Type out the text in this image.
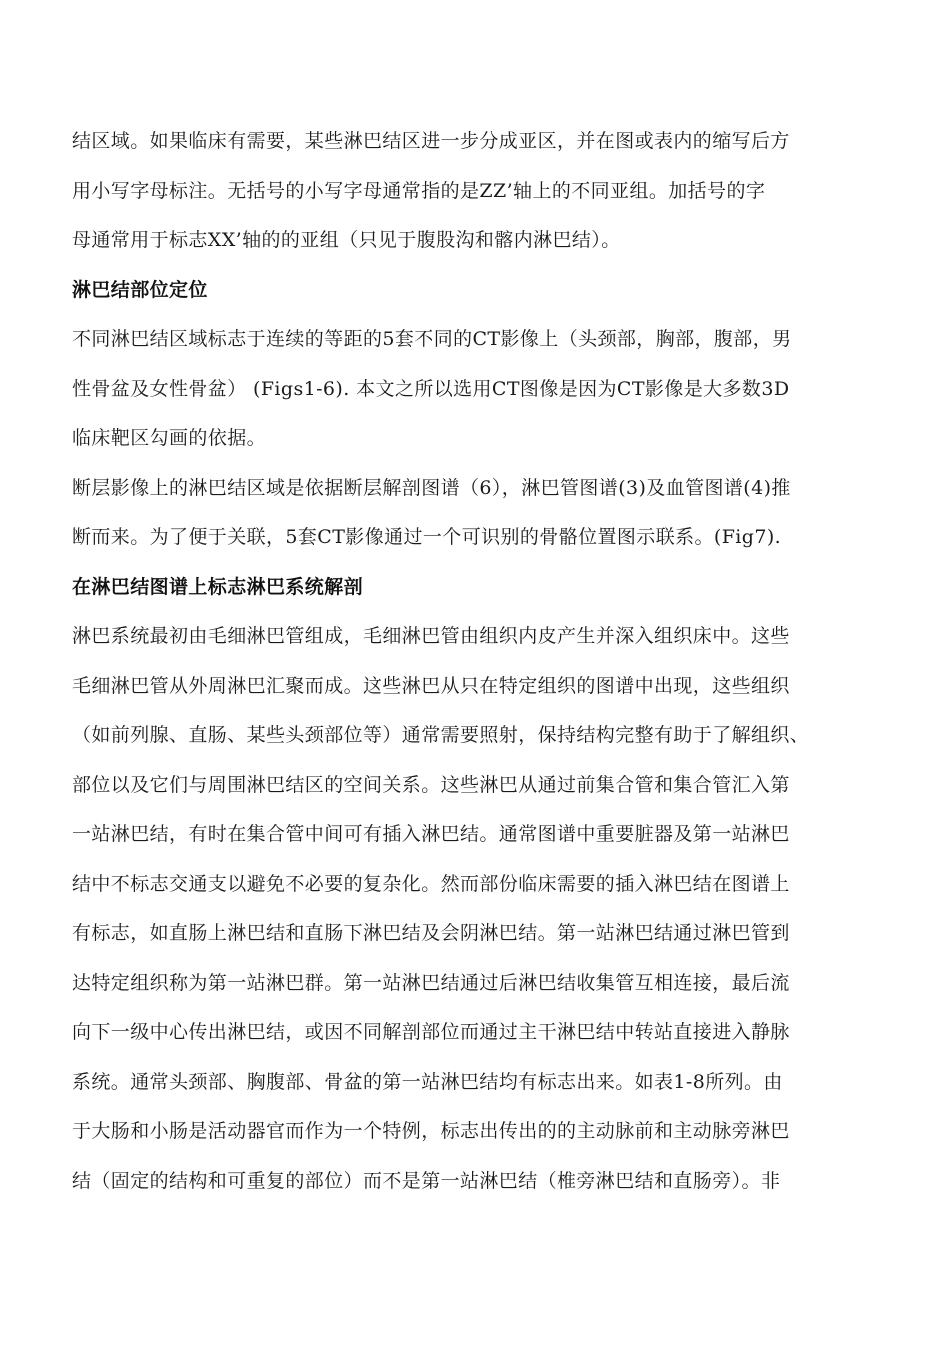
结区域。如果临床有需要，某些淋巴结区进一步分成亚区，并在图或表内的缩写后方
用小写字母标注。无括号的小写字母通常指的是ZZ’轴上的不同亚组。加括号的字
母通常用于标志XX’轴的的亚组（只见于腹股沟和髂内淋巴结）。
淋巴结部位定位
不同淋巴结区域标志于连续的等距的5套不同的CT影像上（头颈部，胸部，腹部，男
性骨盆及女性骨盆） (Figs1-6). 本文之所以选用CT图像是因为CT影像是大多数3D
临床靶区勾画的依据。
断层影像上的淋巴结区域是依据断层解剖图谱（6），淋巴管图谱(3)及血管图谱(4)推
断而来。为了便于关联，5套CT影像通过一个可识别的骨骼位置图示联系。(Fig7).
在淋巴结图谱上标志淋巴系统解剖
淋巴系统最初由毛细淋巴管组成，毛细淋巴管由组织内皮产生并深入组织床中。这些
毛细淋巴管从外周淋巴汇聚而成。这些淋巴从只在特定组织的图谱中出现，这些组织
（如前列腺、直肠、某些头颈部位等）通常需要照射，保持结构完整有助于了解组织、
部位以及它们与周围淋巴结区的空间关系。这些淋巴从通过前集合管和集合管汇入第
一站淋巴结，有时在集合管中间可有插入淋巴结。通常图谱中重要脏器及第一站淋巴
结中不标志交通支以避免不必要的复杂化。然而部份临床需要的插入淋巴结在图谱上
有标志，如直肠上淋巴结和直肠下淋巴结及会阴淋巴结。第一站淋巴结通过淋巴管到
达特定组织称为第一站淋巴群。第一站淋巴结通过后淋巴结收集管互相连接，最后流
向下一级中心传出淋巴结，或因不同解剖部位而通过主干淋巴结中转站直接进入静脉
系统。通常头颈部、胸腹部、骨盆的第一站淋巴结均有标志出来。如表1-8所列。由
于大肠和小肠是活动器官而作为一个特例，标志出传出的的主动脉前和主动脉旁淋巴
结（固定的结构和可重复的部位）而不是第一站淋巴结（椎旁淋巴结和直肠旁）。非
